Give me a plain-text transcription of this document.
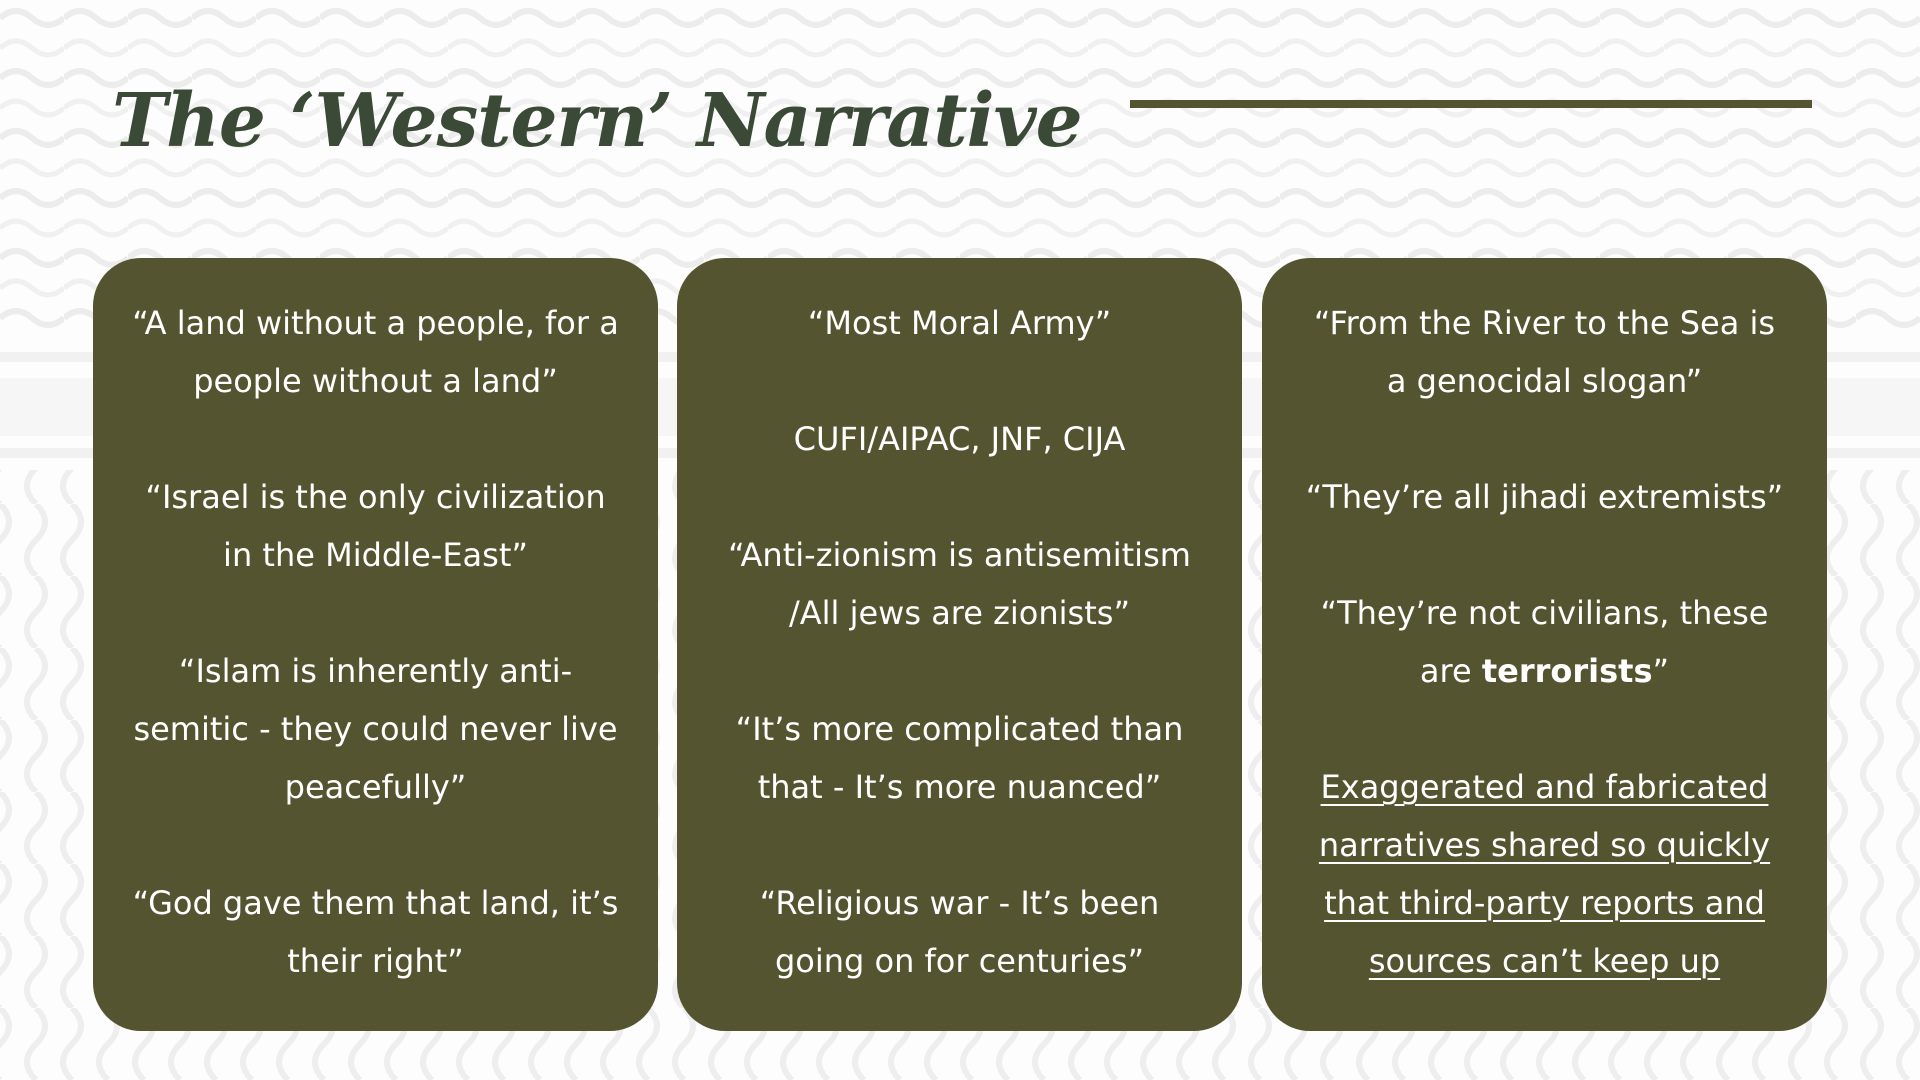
The ‘Western’ Narrative

“A land without a people, for a people without a land”

“Israel is the only civilization in the Middle-East”

“Islam is inherently anti-semitic - they could never live peacefully”

“God gave them that land, it’s their right”

“Most Moral Army”

CUFI/AIPAC, JNF, CIJA

“Anti-zionism is antisemitism /All jews are zionists”

“It’s more complicated than that - It’s more nuanced”

“Religious war - It’s been going on for centuries”

“From the River to the Sea is a genocidal slogan”

“They’re all jihadi extremists”

“They’re not civilians, these are terrorists”

Exaggerated and fabricated narratives shared so quickly that third-party reports and sources can’t keep up
